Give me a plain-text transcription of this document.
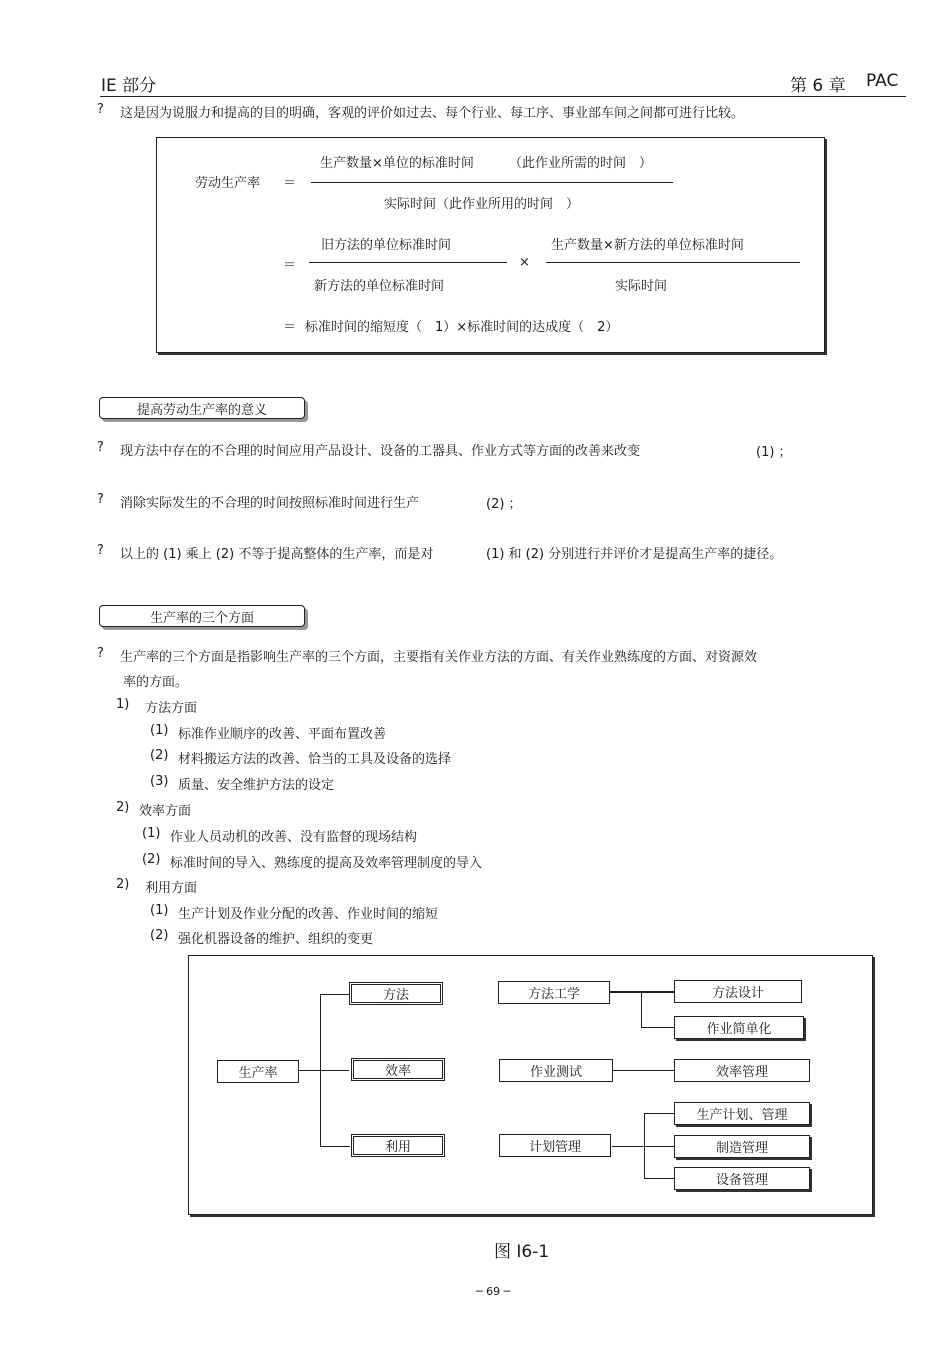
IE 部分	第 6 章 PAC
? 这是因为说服力和提高的目的明确，客观的评价如过去、每个行业、每工序、事业部车间之间都可进行比较。
劳动生产率 ＝
生产数量×单位的标准时间	（此作业所需的时间　）
实际时间（此作业所用的时间　）
＝
旧方法的单位标准时间
新方法的单位标准时间
×
生产数量×新方法的单位标准时间
实际时间
＝ 标准时间的缩短度（　1）×标准时间的达成度（　2）
提高劳动生产率的意义
? 现方法中存在的不合理的时间应用产品设计、设备的工器具、作业方式等方面的改善来改变	(1) ；
? 消除实际发生的不合理的时间按照标准时间进行生产	(2) ；
? 以上的 (1) 乘上 (2) 不等于提高整体的生产率，而是对	(1) 和 (2) 分别进行并评价才是提高生产率的捷径。
生产率的三个方面
? 生产率的三个方面是指影响生产率的三个方面，主要指有关作业方法的方面、有关作业熟练度的方面、对资源效
率的方面。
1) 方法方面
(1) 标准作业顺序的改善、平面布置改善
(2) 材料搬运方法的改善、恰当的工具及设备的选择
(3) 质量、安全维护方法的设定
2) 效率方面
(1) 作业人员动机的改善、没有监督的现场结构
(2) 标准时间的导入、熟练度的提高及效率管理制度的导入
2) 利用方面
(1) 生产计划及作业分配的改善、作业时间的缩短
(2) 强化机器设备的维护、组织的变更
生产率
方法
效率
利用
方法工学
作业测试
计划管理
方法设计
作业简单化
效率管理
生产计划、管理
制造管理
设备管理
图 I6-1
─ 69 ─
